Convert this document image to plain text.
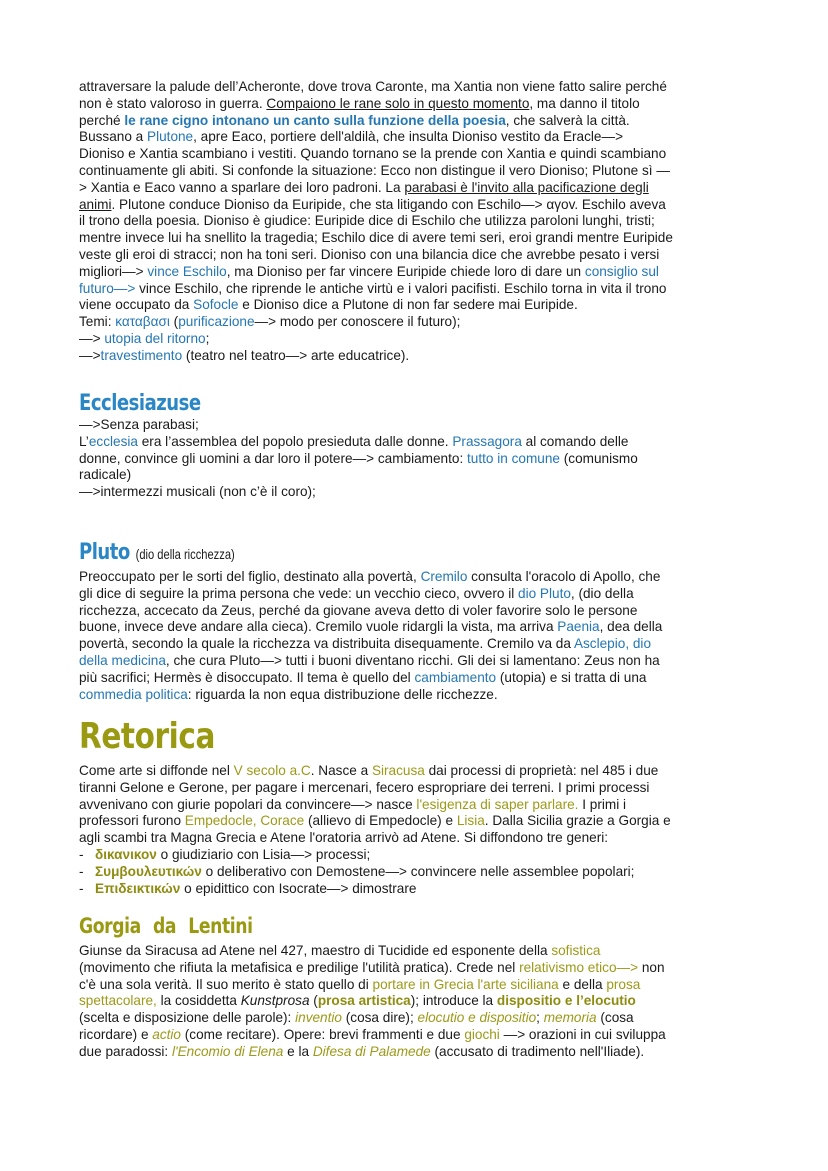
attraversare la palude dell’Acheronte, dove trova Caronte, ma Xantia non viene fatto salire perché

non è stato valoroso in guerra. Compaiono le rane solo in questo momento, ma danno il titolo

perché le rane cigno intonano un canto sulla funzione della poesia, che salverà la città.

Bussano a Plutone, apre Eaco, portiere dell'aldilà, che insulta Dioniso vestito da Eracle—>

Dioniso e Xantia scambiano i vestiti. Quando tornano se la prende con Xantia e quindi scambiano

continuamente gli abiti. Si confonde la situazione: Ecco non distingue il vero Dioniso; Plutone sì —

> Xantia e Eaco vanno a sparlare dei loro padroni. La parabasi è l'invito alla pacificazione degli

animi. Plutone conduce Dioniso da Euripide, che sta litigando con Eschilo—> αγov. Eschilo aveva

il trono della poesia. Dioniso è giudice: Euripide dice di Eschilo che utilizza paroloni lunghi, tristi;

mentre invece lui ha snellito la tragedia; Eschilo dice di avere temi seri, eroi grandi mentre Euripide

veste gli eroi di stracci; non ha toni seri. Dioniso con una bilancia dice che avrebbe pesato i versi

migliori—> vince Eschilo, ma Dioniso per far vincere Euripide chiede loro di dare un consiglio sul

futuro—> vince Eschilo, che riprende le antiche virtù e i valori pacifisti. Eschilo torna in vita il trono

viene occupato da Sofocle e Dioniso dice a Plutone di non far sedere mai Euripide.

Temi: καταβασι (purificazione—> modo per conoscere il futuro);

—> utopia del ritorno;

—>travestimento (teatro nel teatro—> arte educatrice).

Ecclesiazuse

—>Senza parabasi;

L’ecclesia era l’assemblea del popolo presieduta dalle donne. Prassagora al comando delle

donne, convince gli uomini a dar loro il potere—> cambiamento: tutto in comune (comunismo

radicale)

—>intermezzi musicali (non c’è il coro);

Pluto (dio della ricchezza)

Preoccupato per le sorti del figlio, destinato alla povertà, Cremilo consulta l'oracolo di Apollo, che

gli dice di seguire la prima persona che vede: un vecchio cieco, ovvero il dio Pluto, (dio della

ricchezza, accecato da Zeus, perché da giovane aveva detto di voler favorire solo le persone

buone, invece deve andare alla cieca). Cremilo vuole ridargli la vista, ma arriva Paenia, dea della

povertà, secondo la quale la ricchezza va distribuita disequamente. Cremilo va da Asclepio, dio

della medicina, che cura Pluto—> tutti i buoni diventano ricchi. Gli dei si lamentano: Zeus non ha

più sacrifici; Hermès è disoccupato. Il tema è quello del cambiamento (utopia) e si tratta di una

commedia politica: riguarda la non equa distribuzione delle ricchezze.

Retorica

Come arte si diffonde nel V secolo a.C. Nasce a Siracusa dai processi di proprietà: nel 485 i due

tiranni Gelone e Gerone, per pagare i mercenari, fecero espropriare dei terreni. I primi processi

avvenivano con giurie popolari da convincere—> nasce l'esigenza di saper parlare. I primi i

professori furono Empedocle, Corace (allievo di Empedocle) e Lisia. Dalla Sicilia grazie a Gorgia e

agli scambi tra Magna Grecia e Atene l'oratoria arrivò ad Atene. Si diffondono tre generi:

- δικανικον o giudiziario con Lisia—> processi;
- Συμβουλευτικών o deliberativo con Demostene—> convincere nelle assemblee popolari;
- Επιδεικτικών o epidittico con Isocrate—> dimostrare
Gorgia da Lentini

Giunse da Siracusa ad Atene nel 427, maestro di Tucidide ed esponente della sofistica

(movimento che rifiuta la metafisica e predilige l'utilità pratica). Crede nel relativismo etico—> non

c'è una sola verità. Il suo merito è stato quello di portare in Grecia l'arte siciliana e della prosa

spettacolare, la cosiddetta Kunstprosa (prosa artistica); introduce la dispositio e l’elocutio

(scelta e disposizione delle parole): inventio (cosa dire); elocutio e dispositio; memoria (cosa

ricordare) e actio (come recitare). Opere: brevi frammenti e due giochi —> orazioni in cui sviluppa

due paradossi: l'Encomio di Elena e la Difesa di Palamede (accusato di tradimento nell'Iliade).
